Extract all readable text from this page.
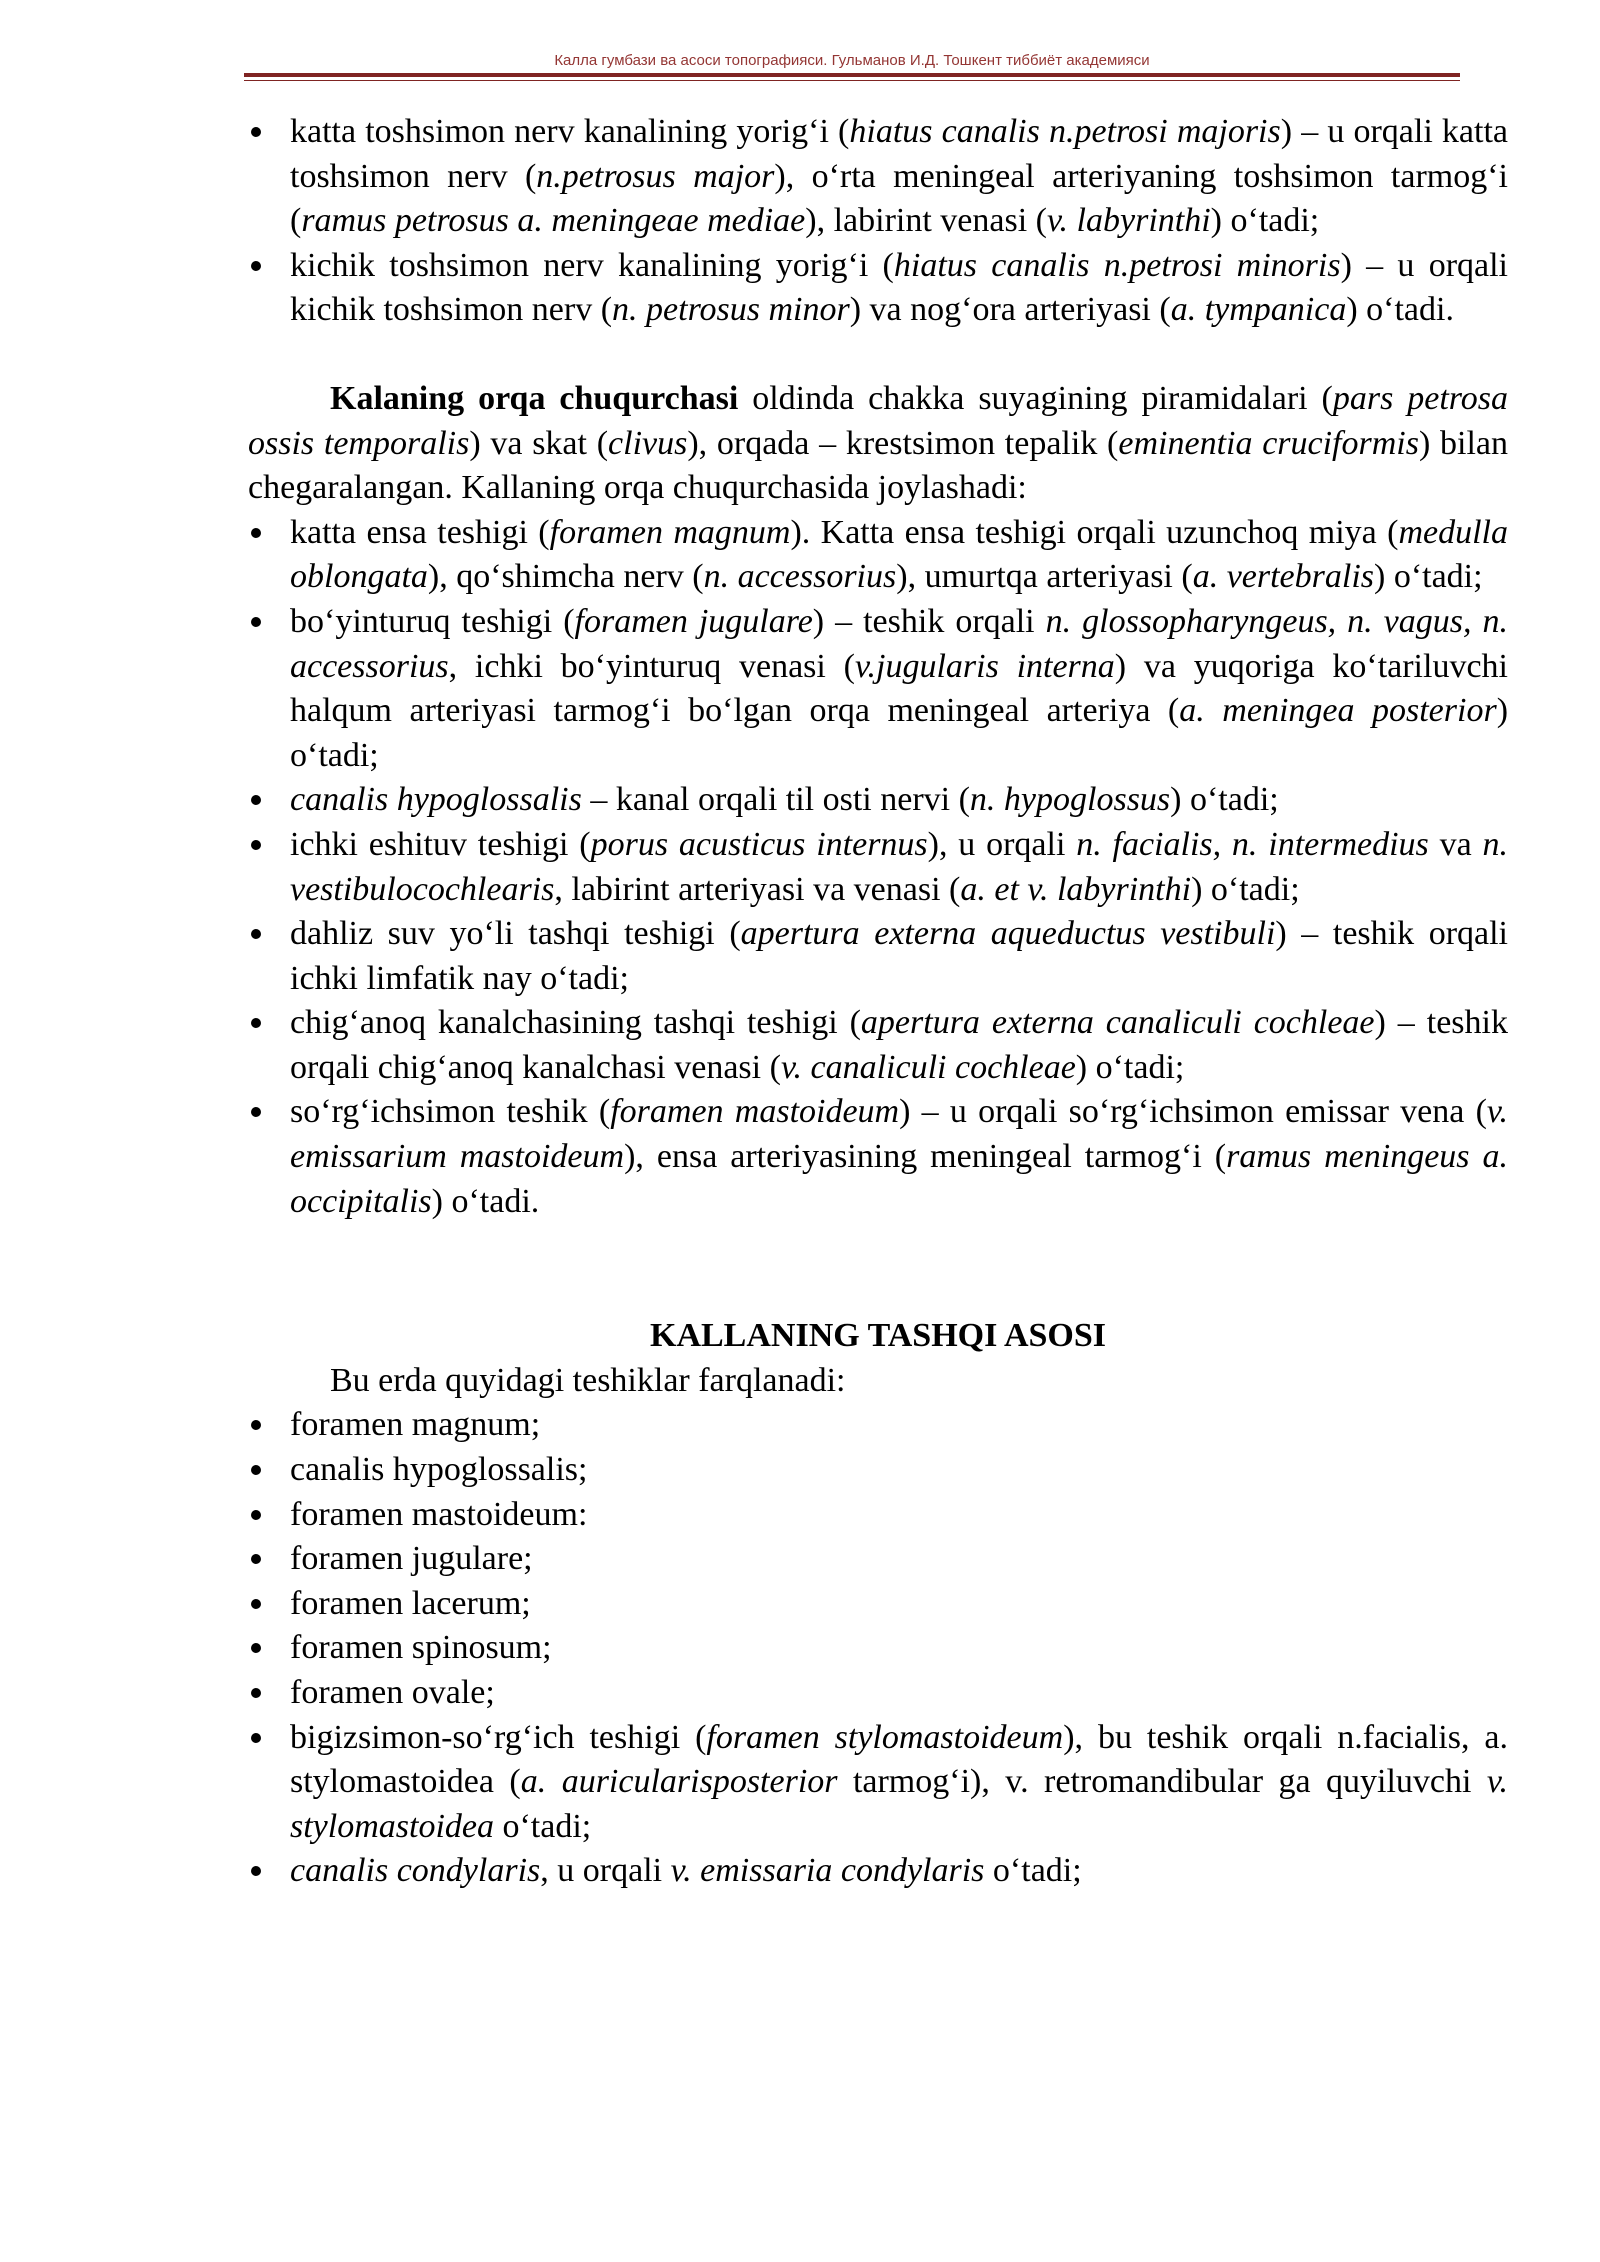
Калла гумбази ва асоси топографияси. Гульманов И.Д. Тошкент тиббиёт академияси
katta toshsimon nerv kanalining yorig‘i (hiatus canalis n.petrosi majoris) – u orqali katta toshsimon nerv (n.petrosus major), o‘rta meningeal arteriyaning toshsimon tarmog‘i (ramus petrosus a. meningeae mediae), labirint venasi (v. labyrinthi) o‘tadi;
kichik toshsimon nerv kanalining yorig‘i (hiatus canalis n.petrosi minoris) – u orqali kichik toshsimon nerv (n. petrosus minor) va nog‘ora arteriyasi (a. tympanica) o‘tadi.

Kalaning orqa chuqurchasi oldinda chakka suyagining piramidalari (pars petrosa ossis temporalis) va skat (clivus), orqada – krestsimon tepalik (eminentia cruciformis) bilan chegaralangan. Kallaning orqa chuqurchasida joylashadi:

katta ensa teshigi (foramen magnum). Katta ensa teshigi orqali uzunchoq miya (medulla oblongata), qo‘shimcha nerv (n. accessorius), umurtqa arteriyasi (a. vertebralis) o‘tadi;
bo‘yinturuq teshigi (foramen jugulare) – teshik orqali n. glossopharyngeus, n. vagus, n. accessorius, ichki bo‘yinturuq venasi (v.jugularis interna) va yuqoriga ko‘tariluvchi halqum arteriyasi tarmog‘i bo‘lgan orqa meningeal arteriya (a. meningea posterior) o‘tadi;
canalis hypoglossalis – kanal orqali til osti nervi (n. hypoglossus) o‘tadi;
ichki eshituv teshigi (porus acusticus internus), u orqali n. facialis, n. intermedius va n. vestibulocochlearis, labirint arteriyasi va venasi (a. et v. labyrinthi) o‘tadi;
dahliz suv yo‘li tashqi teshigi (apertura externa aqueductus vestibuli) – teshik orqali ichki limfatik nay o‘tadi;
chig‘anoq kanalchasining tashqi teshigi (apertura externa canaliculi cochleae) – teshik orqali chig‘anoq kanalchasi venasi (v. canaliculi cochleae) o‘tadi;
so‘rg‘ichsimon teshik (foramen mastoideum) – u orqali so‘rg‘ichsimon emissar vena (v. emissarium mastoideum), ensa arteriyasining meningeal tarmog‘i (ramus meningeus a. occipitalis) o‘tadi.
KALLANING TASHQI ASOSI

Bu erda quyidagi teshiklar farqlanadi:

foramen magnum;
canalis hypoglossalis;
foramen mastoideum:
foramen jugulare;
foramen lacerum;
foramen spinosum;
foramen ovale;
bigizsimon-so‘rg‘ich teshigi (foramen stylomastoideum), bu teshik orqali n.facialis, a. stylomastoidea (a. auricularisposterior tarmog‘i), v. retromandibular ga quyiluvchi v. stylomastoidea o‘tadi;
canalis condylaris, u orqali v. emissaria condylaris o‘tadi;
